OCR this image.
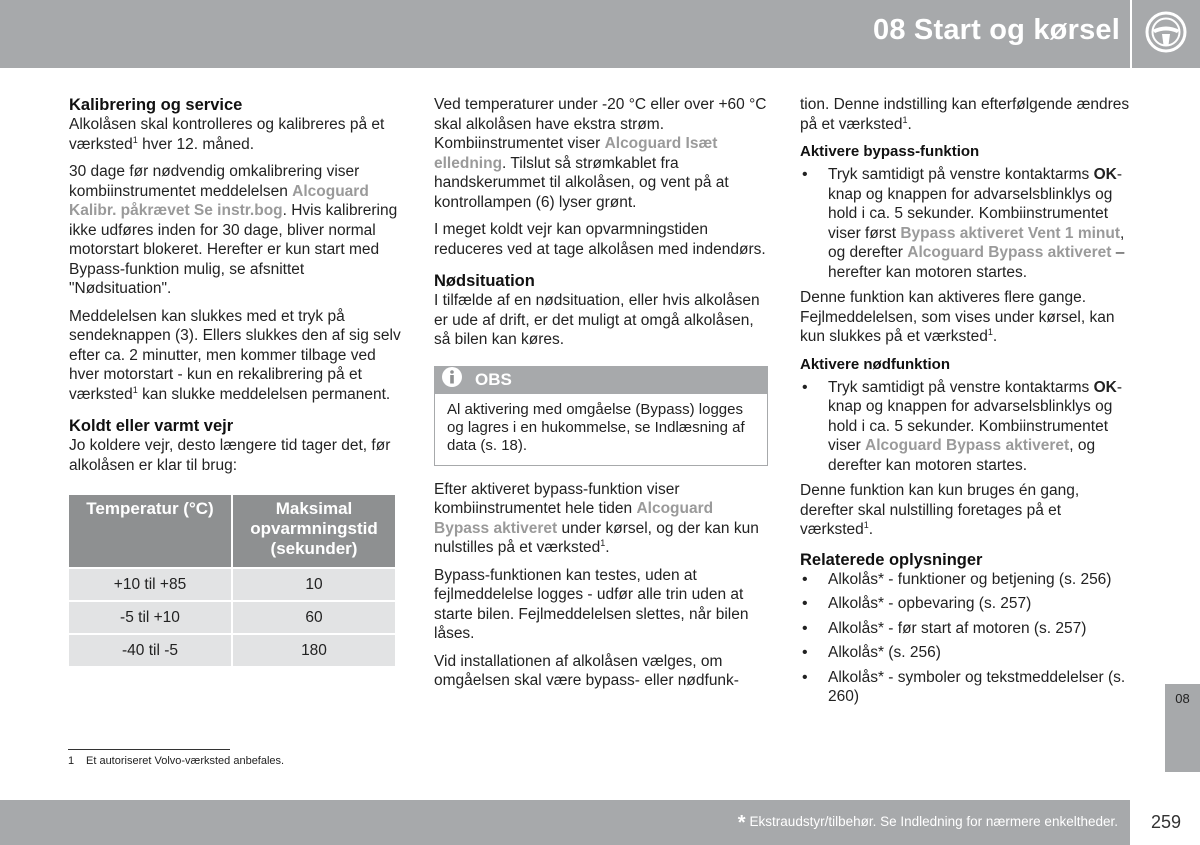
08 Start og kørsel
Kalibrering og service

Alkolåsen skal kontrolleres og kalibreres på et værksted$^1$ hver 12. måned.

30 dage før nødvendig omkalibrering viser kombiinstrumentet meddelelsen Alcoguard Kalibr. påkrævet Se instr.bog. Hvis kalibrering ikke udføres inden for 30 dage, bliver normal motorstart blokeret. Herefter er kun start med Bypass-funktion mulig, se afsnittet "Nødsituation".

Meddelelsen kan slukkes med et tryk på sendeknappen (3). Ellers slukkes den af sig selv efter ca. 2 minutter, men kommer tilbage ved hver motorstart - kun en rekalibrering på et værksted$^1$ kan slukke meddelelsen permanent.

Koldt eller varmt vejr

Jo koldere vejr, desto længere tid tager det, før alkolåsen er klar til brug:

Temperatur (°C)	Maksimal opvarmningstid (sekunder)
+10 til +85	10
-5 til +10	60
-40 til -5	180

Ved temperaturer under -20 °C eller over +60 °C skal alkolåsen have ekstra strøm. Kombiinstrumentet viser Alcoguard Isæt elledning. Tilslut så strømkablet fra handskerummet til alkolåsen, og vent på at kontrollampen (6) lyser grønt.

I meget koldt vejr kan opvarmningstiden reduceres ved at tage alkolåsen med indendørs.

Nødsituation

I tilfælde af en nødsituation, eller hvis alkolåsen er ude af drift, er det muligt at omgå alkolåsen, så bilen kan køres.

OBS
Al aktivering med omgåelse (Bypass) logges og lagres i en hukommelse, se Indlæsning af data (s. 18).

Efter aktiveret bypass-funktion viser kombiinstrumentet hele tiden Alcoguard Bypass aktiveret under kørsel, og der kan kun nulstilles på et værksted$^1$.

Bypass-funktionen kan testes, uden at fejlmeddelelse logges - udfør alle trin uden at starte bilen. Fejlmeddelelsen slettes, når bilen låses.

Vid installationen af alkolåsen vælges, om omgåelsen skal være bypass- eller nødfunk-

tion. Denne indstilling kan efterfølgende ændres på et værksted$^1$.

Aktivere bypass-funktion
• Tryk samtidigt på venstre kontaktarms OK-knap og knappen for advarselsblinklys og hold i ca. 5 sekunder. Kombiinstrumentet viser først Bypass aktiveret Vent 1 minut, og derefter Alcoguard Bypass aktiveret – herefter kan motoren startes.

Denne funktion kan aktiveres flere gange.

Fejlmeddelelsen, som vises under kørsel, kan kun slukkes på et værksted$^1$.

Aktivere nødfunktion
• Tryk samtidigt på venstre kontaktarms OK-knap og knappen for advarselsblinklys og hold i ca. 5 sekunder. Kombiinstrumentet viser Alcoguard Bypass aktiveret, og derefter kan motoren startes.

Denne funktion kan kun bruges én gang, derefter skal nulstilling foretages på et værksted$^1$.

Relaterede oplysninger
• Alkolås* - funktioner og betjening (s. 256)
• Alkolås* - opbevaring (s. 257)
• Alkolås* - før start af motoren (s. 257)
• Alkolås* (s. 256)
• Alkolås* - symboler og tekstmeddelelser (s. 260)	08
1 Et autoriseret Volvo-værksted anbefales.
* Ekstraudstyr/tilbehør. Se Indledning for nærmere enkeltheder.	259
